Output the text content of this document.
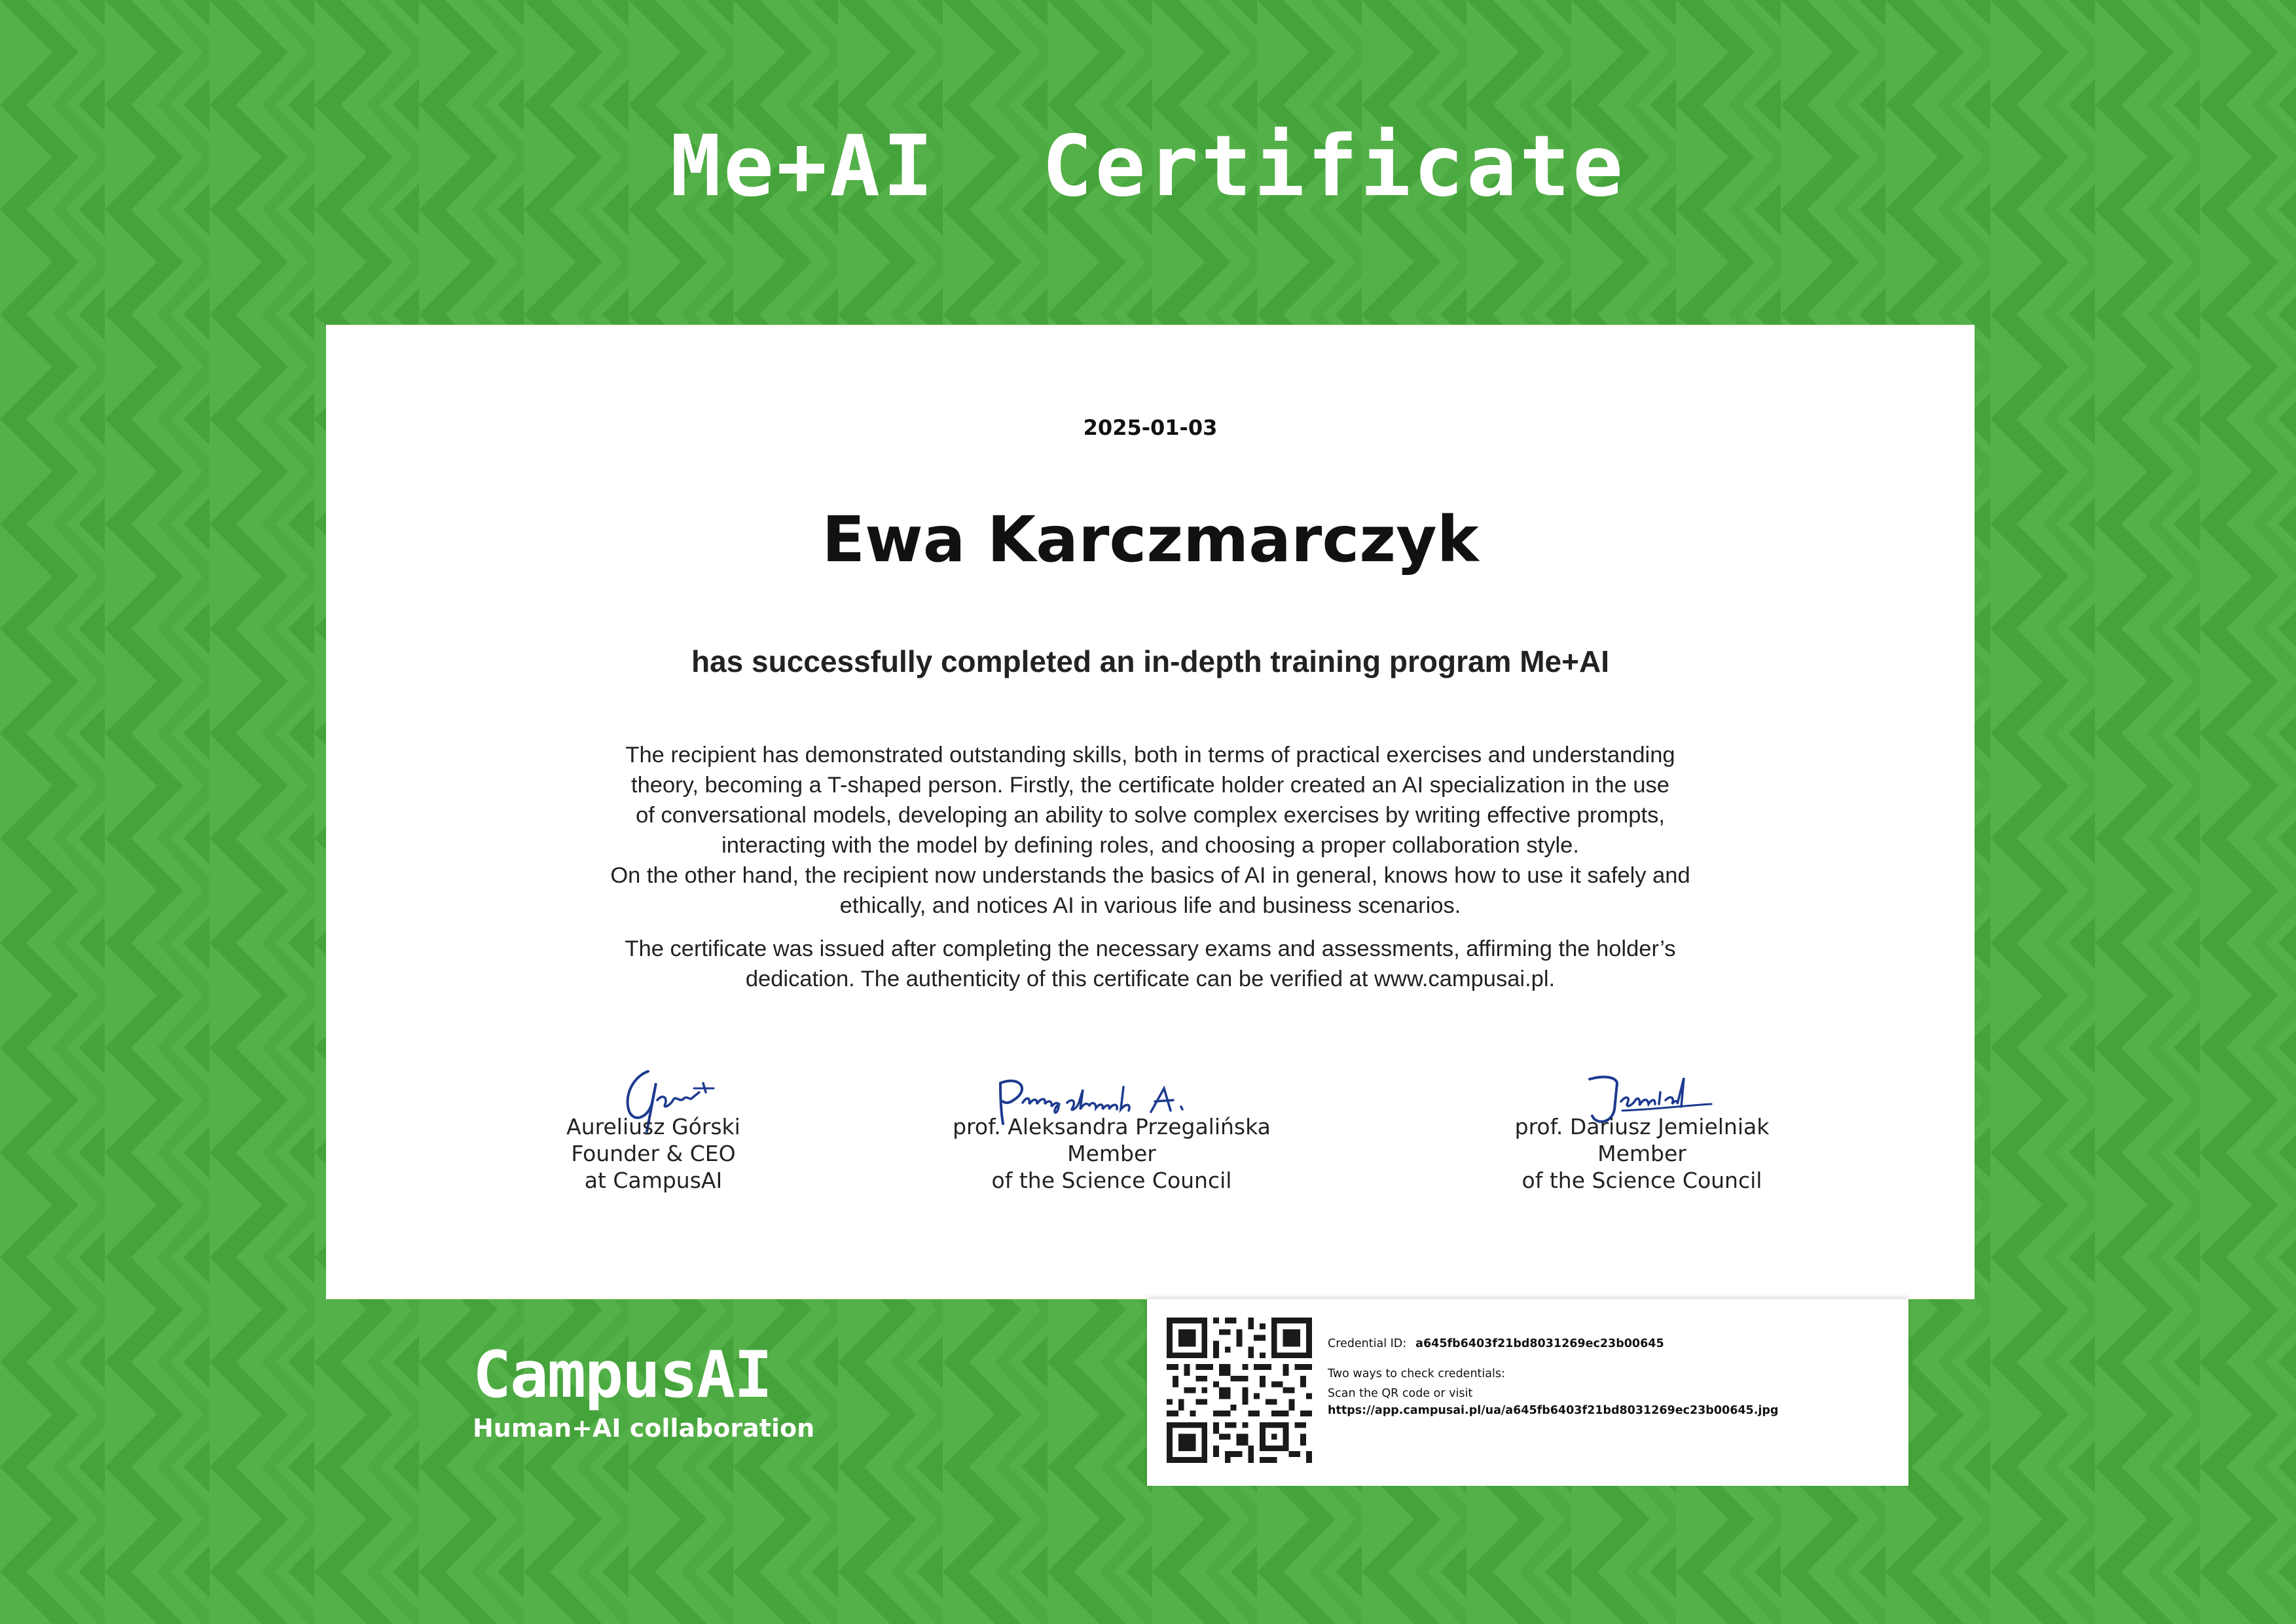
Me+AI  Certificate
2025-01-03
Ewa Karczmarczyk
has successfully completed an in-depth training program Me+AI

The recipient has demonstrated outstanding skills, both in terms of practical exercises and understanding
theory, becoming a T-shaped person. Firstly, the certificate holder created an AI specialization in the use
of conversational models, developing an ability to solve complex exercises by writing effective prompts,
interacting with the model by defining roles, and choosing a proper collaboration style.
On the other hand, the recipient now understands the basics of AI in general, knows how to use it safely and
ethically, and notices AI in various life and business scenarios.

The certificate was issued after completing the necessary exams and assessments, affirming the holder’s
dedication. The authenticity of this certificate can be verified at www.campusai.pl.

Aureliusz Górski
Founder & CEO
at CampusAI
prof. Aleksandra Przegalińska
Member
of the Science Council
prof. Dariusz Jemielniak
Member
of the Science Council
CampusAI
Human+AI collaboration
Credential ID: a645fb6403f21bd8031269ec23b00645
Two ways to check credentials:
Scan the QR code or visit
https://app.campusai.pl/ua/a645fb6403f21bd8031269ec23b00645.jpg
